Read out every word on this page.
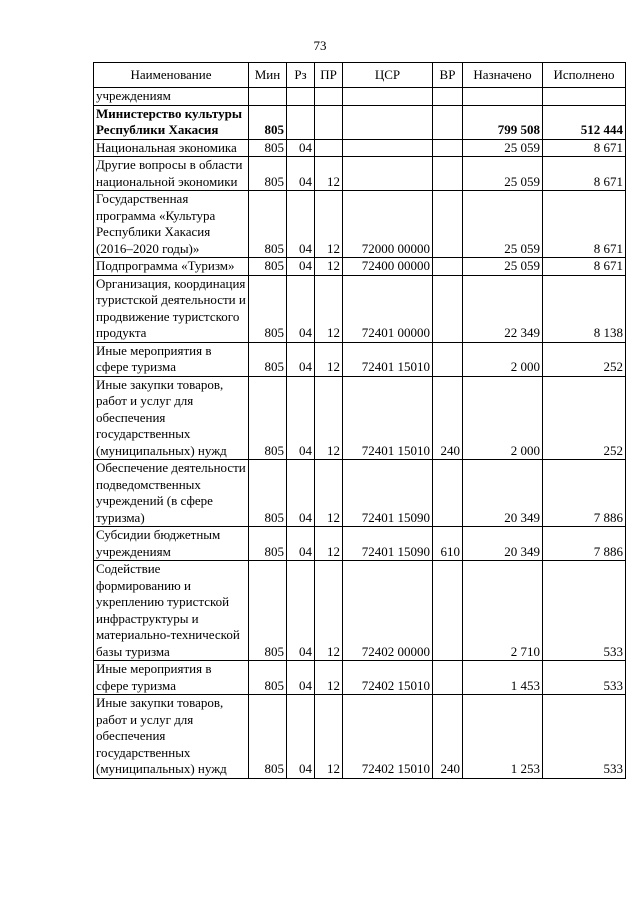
73
Наименование	Мин	Рз	ПР	ЦСР	ВР	Назначено	Исполнено
учреждениям							
Министерство культуры Республики Хакасия	805					799 508	512 444
Национальная экономика	805	04				25 059	8 671
Другие вопросы в области национальной экономики	805	04	12			25 059	8 671
Государственная программа «Культура Республики Хакасия (2016–2020 годы)»	805	04	12	72000 00000		25 059	8 671
Подпрограмма «Туризм»	805	04	12	72400 00000		25 059	8 671
Организация, координация туристской деятельности и продвижение туристского продукта	805	04	12	72401 00000		22 349	8 138
Иные мероприятия в сфере туризма	805	04	12	72401 15010		2 000	252
Иные закупки товаров, работ и услуг для обеспечения государственных (муниципальных) нужд	805	04	12	72401 15010	240	2 000	252
Обеспечение деятельности подведомственных учреждений (в сфере туризма)	805	04	12	72401 15090		20 349	7 886
Субсидии бюджетным учреждениям	805	04	12	72401 15090	610	20 349	7 886
Содействие формированию и укреплению туристской инфраструктуры и материально-технической базы туризма	805	04	12	72402 00000		2 710	533
Иные мероприятия в сфере туризма	805	04	12	72402 15010		1 453	533
Иные закупки товаров, работ и услуг для обеспечения государственных (муниципальных) нужд	805	04	12	72402 15010	240	1 253	533
